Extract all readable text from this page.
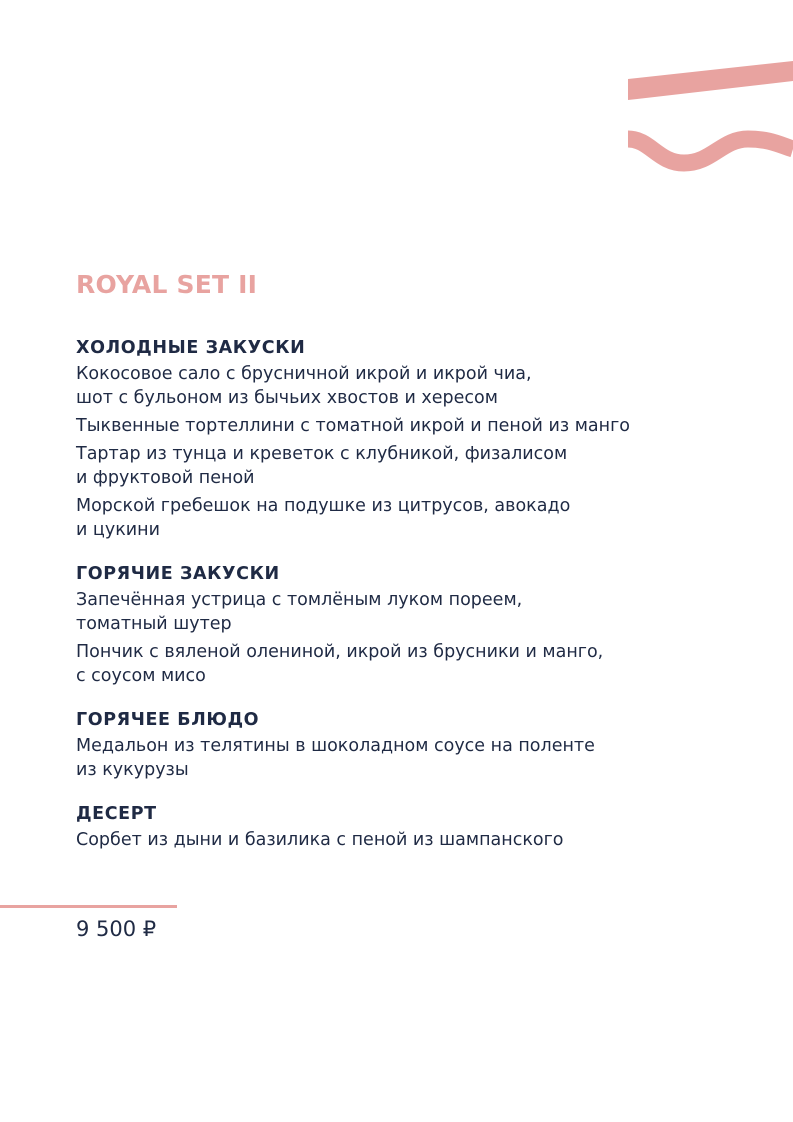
ROYAL SET II
ХОЛОДНЫЕ ЗАКУСКИ
Кокосовое сало с брусничной икрой и икрой чиа,
шот с бульоном из бычьих хвостов и хересом
Тыквенные тортеллини с томатной икрой и пеной из манго
Тартар из тунца и креветок с клубникой, физалисом
и фруктовой пеной
Морской гребешок на подушке из цитрусов, авокадо
и цукини
ГОРЯЧИЕ ЗАКУСКИ
Запечённая устрица с томлёным луком пореем,
томатный шутер
Пончик с вяленой олениной, икрой из брусники и манго,
с соусом мисо
ГОРЯЧЕЕ БЛЮДО
Медальон из телятины в шоколадном соусе на поленте
из кукурузы
ДЕСЕРТ
Сорбет из дыни и базилика с пеной из шампанского
9 500 ₽
